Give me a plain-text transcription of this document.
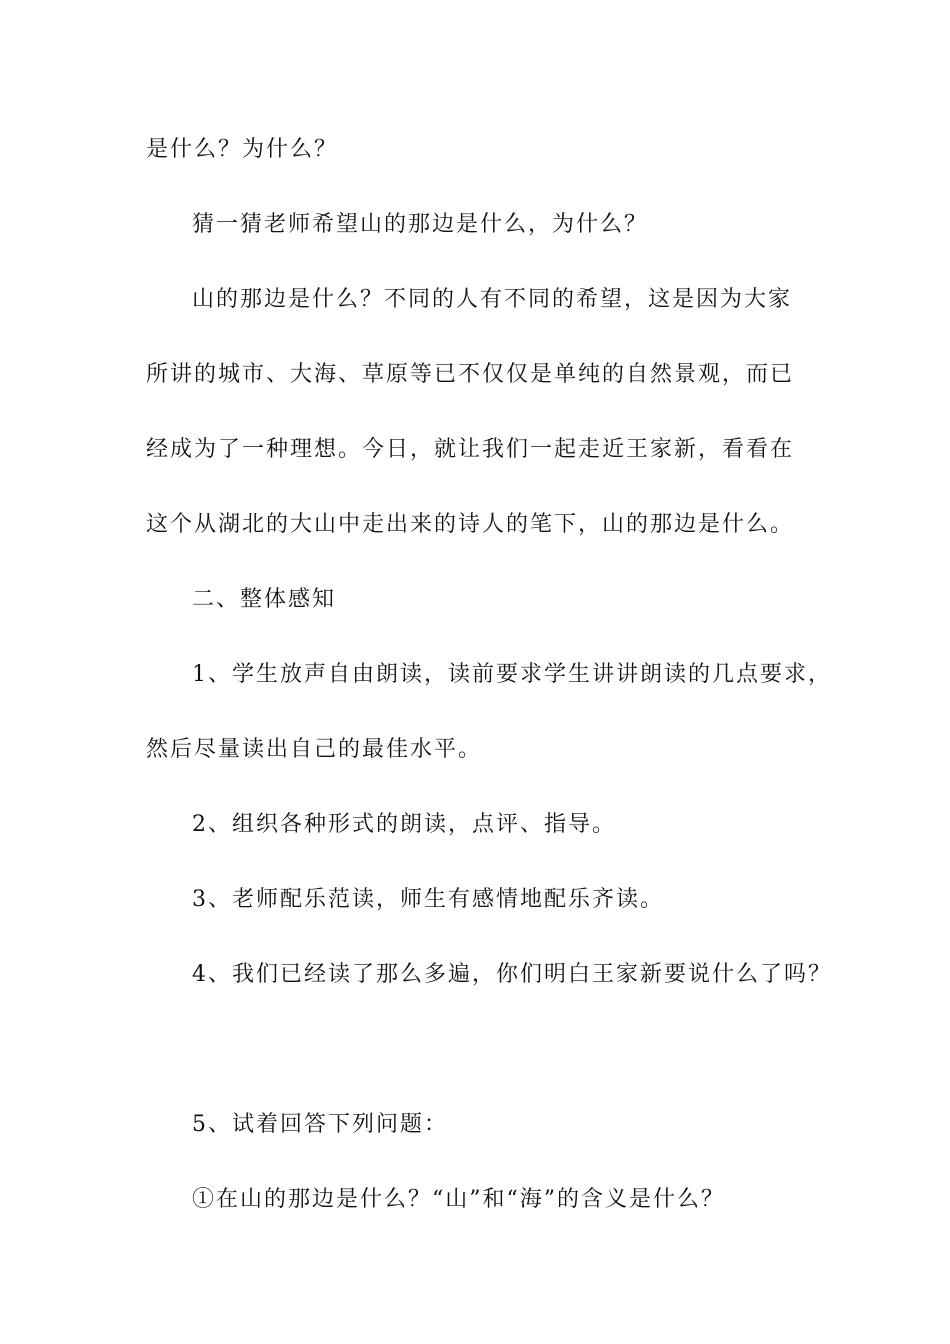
是什么？为什么？
猜一猜老师希望山的那边是什么，为什么？
山的那边是什么？不同的人有不同的希望，这是因为大家
所讲的城市、大海、草原等已不仅仅是单纯的自然景观，而已
经成为了一种理想。今日，就让我们一起走近王家新，看看在
这个从湖北的大山中走出来的诗人的笔下，山的那边是什么。
二、整体感知
1、学生放声自由朗读，读前要求学生讲讲朗读的几点要求，
然后尽量读出自己的最佳水平。
2、组织各种形式的朗读，点评、指导。
3、老师配乐范读，师生有感情地配乐齐读。
4、我们已经读了那么多遍，你们明白王家新要说什么了吗？
5、试着回答下列问题：
①在山的那边是什么？“山”和“海”的含义是什么？
